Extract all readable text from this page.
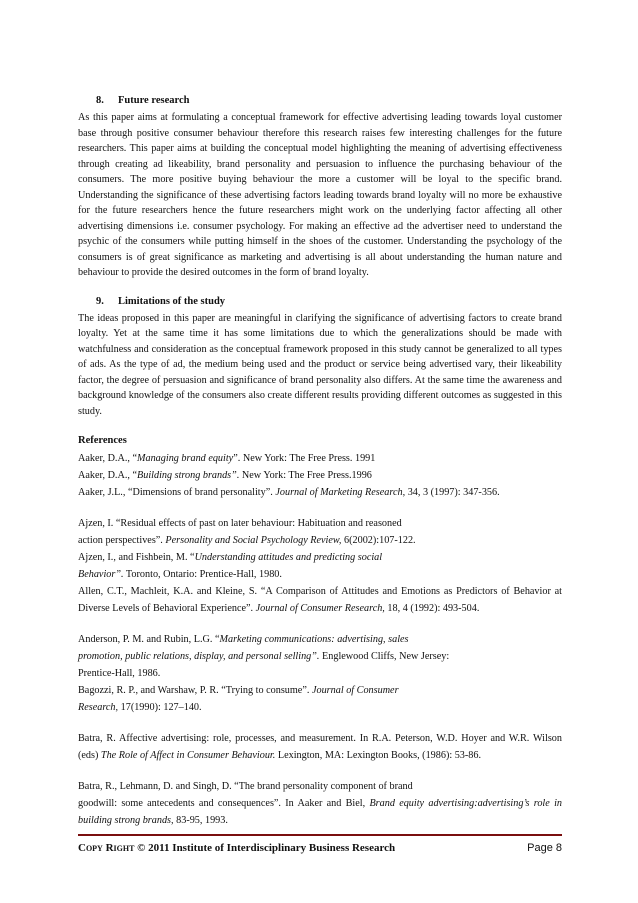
8. Future research

As this paper aims at formulating a conceptual framework for effective advertising leading towards loyal customer base through positive consumer behaviour therefore this research raises few interesting challenges for the future researchers. This paper aims at building the conceptual model highlighting the meaning of advertising effectiveness through creating ad likeability, brand personality and persuasion to influence the purchasing behaviour of the consumers. The more positive buying behaviour the more a customer will be loyal to the specific brand. Understanding the significance of these advertising factors leading towards brand loyalty will no more be exhaustive for the future researchers hence the future researchers might work on the underlying factor affecting all other advertising dimensions i.e. consumer psychology. For making an effective ad the advertiser need to understand the psychic of the consumers while putting himself in the shoes of the customer. Understanding the psychology of the consumers is of great significance as marketing and advertising is all about understanding the human nature and behaviour to provide the desired outcomes in the form of brand loyalty.

9. Limitations of the study

The ideas proposed in this paper are meaningful in clarifying the significance of advertising factors to create brand loyalty. Yet at the same time it has some limitations due to which the generalizations should be made with watchfulness and consideration as the conceptual framework proposed in this study cannot be generalized to all types of ads. As the type of ad, the medium being used and the product or service being advertised vary, their likeability factor, the degree of persuasion and significance of brand personality also differs. At the same time the awareness and background knowledge of the consumers also create different results providing different outcomes as suggested in this study.

References

Aaker, D.A., “Managing brand equity”. New York: The Free Press. 1991

Aaker, D.A., “Building strong brands”. New York: The Free Press.1996

Aaker, J.L., “Dimensions of brand personality”. Journal of Marketing Research, 34, 3 (1997): 347-356.

Ajzen, I. “Residual effects of past on later behaviour: Habituation and reasoned

action perspectives”. Personality and Social Psychology Review, 6(2002):107-122.

Ajzen, I., and Fishbein, M. “Understanding attitudes and predicting social

Behavior”. Toronto, Ontario: Prentice-Hall, 1980.

Allen, C.T., Machleit, K.A. and Kleine, S. “A Comparison of Attitudes and Emotions as Predictors of Behavior at Diverse Levels of Behavioral Experience”. Journal of Consumer Research, 18, 4 (1992): 493-504.

Anderson, P. M. and Rubin, L.G. “Marketing communications: advertising, sales

promotion, public relations, display, and personal selling”. Englewood Cliffs, New Jersey:

Prentice-Hall, 1986.

Bagozzi, R. P., and Warshaw, P. R. “Trying to consume”. Journal of Consumer

Research, 17(1990): 127–140.

Batra, R. Affective advertising: role, processes, and measurement. In R.A. Peterson, W.D. Hoyer and W.R. Wilson (eds) The Role of Affect in Consumer Behaviour. Lexington, MA: Lexington Books, (1986): 53-86.

Batra, R., Lehmann, D. and Singh, D. “The brand personality component of brand

goodwill: some antecedents and consequences”. In Aaker and Biel, Brand equity advertising:advertising’s role in building strong brands, 83-95, 1993.

Copy Right © 2011 Institute of Interdisciplinary Business Research	Page 8
